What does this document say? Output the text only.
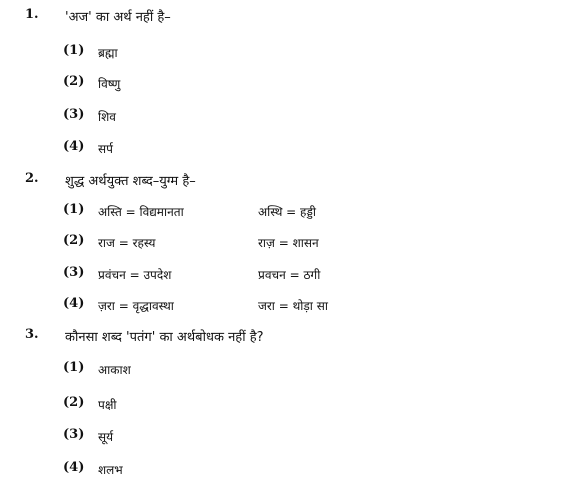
1. 'अज' का अर्थ नहीं है–
(1) ब्रह्मा
(2) विष्णु
(3) शिव
(4) सर्प
2. शुद्ध अर्थयुक्त शब्द–युग्म है–
(1) अस्ति = विद्यमानता	अस्थि = हड्डी
(2) राज = रहस्य	राज़ = शासन
(3) प्रवंचन = उपदेश	प्रवचन = ठगी
(4) ज़रा = वृद्धावस्था	जरा = थोड़ा सा
3. कौनसा शब्द 'पतंग' का अर्थबोधक नहीं है?
(1) आकाश
(2) पक्षी
(3) सूर्य
(4) शलभ
